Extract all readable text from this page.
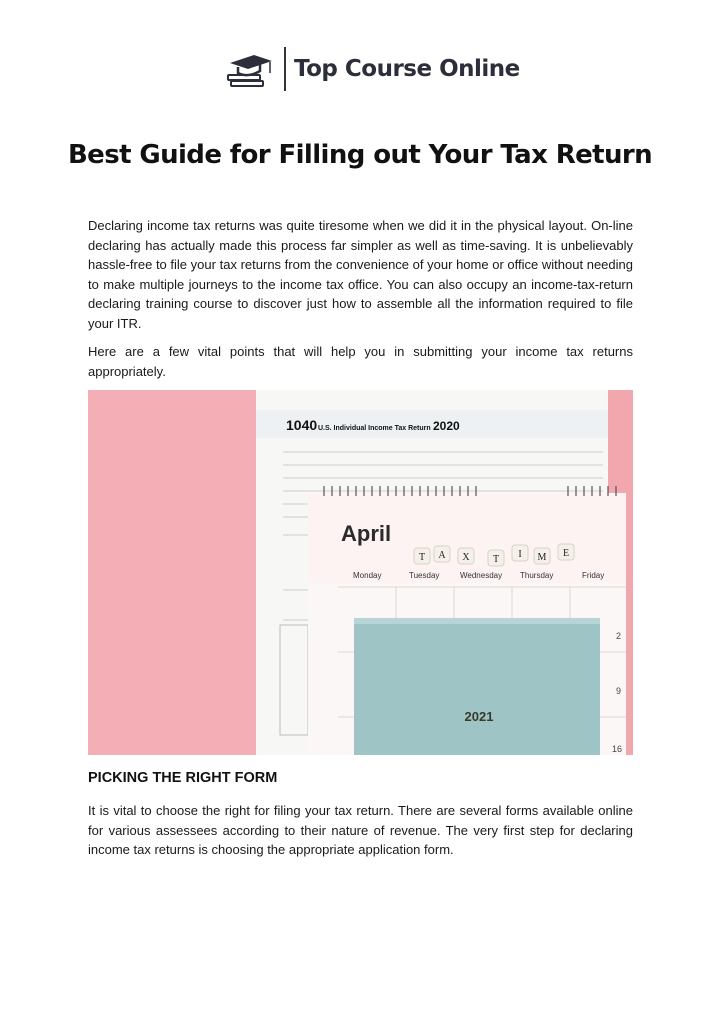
Top Course Online
Best Guide for Filling out Your Tax Return

Declaring income tax returns was quite tiresome when we did it in the physical layout. On-line declaring has actually made this process far simpler as well as time-saving. It is unbelievably hassle-free to file your tax returns from the convenience of your home or office without needing to make multiple journeys to the income tax office. You can also occupy an income-tax-return declaring training course to discover just how to assemble all the information required to file your ITR.

Here are a few vital points that will help you in submitting your income tax returns appropriately.

1040 U.S. Individual Income Tax Return 2020
April
Monday	Tuesday	Wednesday Thursday	Friday
2
9
16
T A X T I M E
2021
PICKING THE RIGHT FORM

It is vital to choose the right for filing your tax return. There are several forms available online for various assessees according to their nature of revenue. The very first step for declaring income tax returns is choosing the appropriate application form.
